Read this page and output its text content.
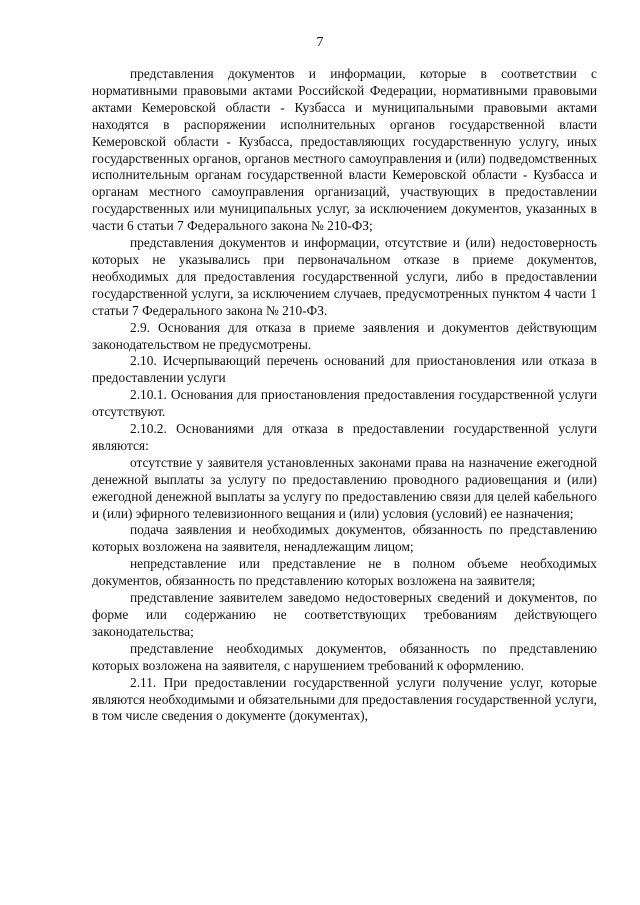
7

представления документов и информации, которые в соответствии с нормативными правовыми актами Российской Федерации, нормативными правовыми актами Кемеровской области - Кузбасса и муниципальными правовыми актами находятся в распоряжении исполнительных органов государственной власти Кемеровской области - Кузбасса, предоставляющих государственную услугу, иных государственных органов, органов местного самоуправления и (или) подведомственных исполнительным органам государственной власти Кемеровской области - Кузбасса и органам местного самоуправления организаций, участвующих в предоставлении государственных или муниципальных услуг, за исключением документов, указанных в части 6 статьи 7 Федерального закона № 210-ФЗ;

представления документов и информации, отсутствие и (или) недостоверность которых не указывались при первоначальном отказе в приеме документов, необходимых для предоставления государственной услуги, либо в предоставлении государственной услуги, за исключением случаев, предусмотренных пунктом 4 части 1 статьи 7 Федерального закона № 210-ФЗ.

2.9. Основания для отказа в приеме заявления и документов действующим законодательством не предусмотрены.

2.10. Исчерпывающий перечень оснований для приостановления или отказа в предоставлении услуги

2.10.1. Основания для приостановления предоставления государственной услуги отсутствуют.

2.10.2. Основаниями для отказа в предоставлении государственной услуги являются:

отсутствие у заявителя установленных законами права на назначение ежегодной денежной выплаты за услугу по предоставлению проводного радиовещания и (или) ежегодной денежной выплаты за услугу по предоставлению связи для целей кабельного и (или) эфирного телевизионного вещания и (или) условия (условий) ее назначения;

подача заявления и необходимых документов, обязанность по представлению которых возложена на заявителя, ненадлежащим лицом;

непредставление или представление не в полном объеме необходимых документов, обязанность по представлению которых возложена на заявителя;

представление заявителем заведомо недостоверных сведений и документов, по форме или содержанию не соответствующих требованиям действующего законодательства;

представление необходимых документов, обязанность по представлению которых возложена на заявителя, с нарушением требований к оформлению.

2.11. При предоставлении государственной услуги получение услуг, которые являются необходимыми и обязательными для предоставления государственной услуги, в том числе сведения о документе (документах),
